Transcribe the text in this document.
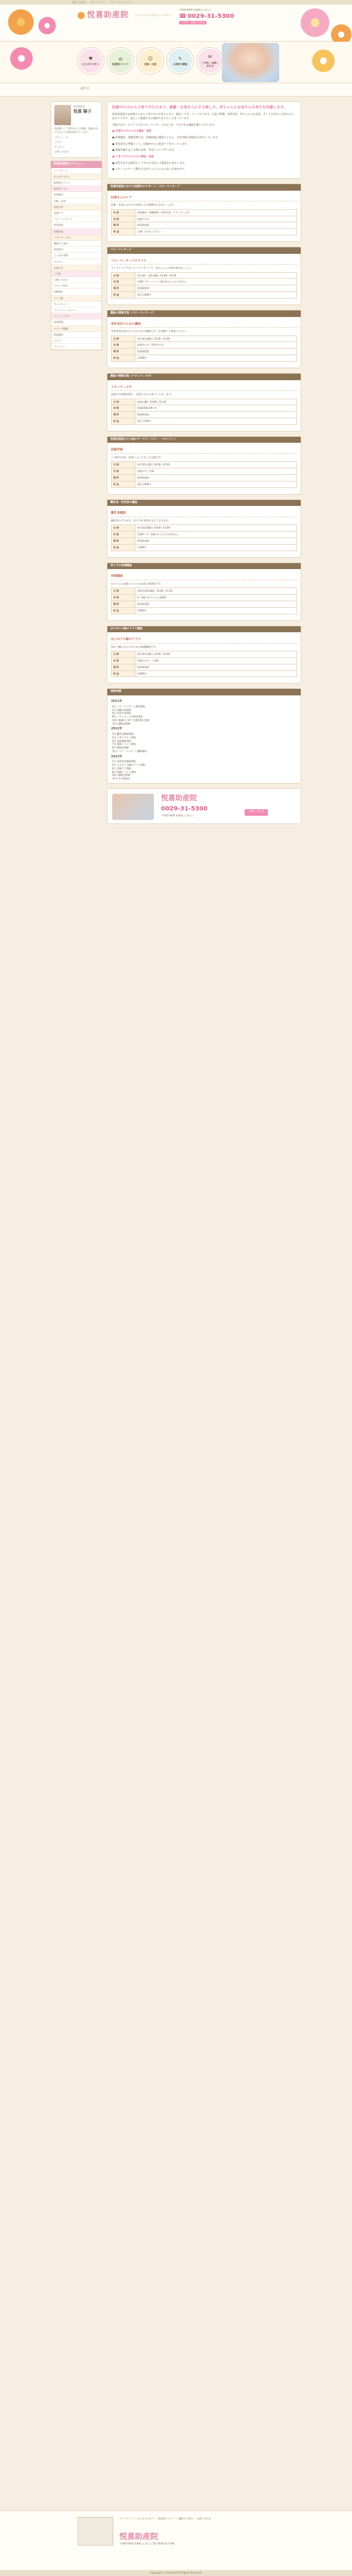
お問い合わせ サイトマップ プライバシーポリシー
悦喜助産院	オーストラリア式ベビーマッサージ
〒000-0000 茨城県○○市○○
☎ 0029-31-5300
ご予約・お問い合わせ
♥
はじめての方へ
⌂
助産院について
☺
妊娠・出産
✎
お産前の講座
✉
ご予約・お問い合わせ
誕生日
助産院院長
悦喜 陽子
助産師として30年以上の経験。地域の母子を支える活動を続けています。
プロフィール
ブログ
アクセス
お問い合わせ
悦喜助産院のメニュー
トップページ
はじめての方へ
助産院について
院長あいさつ
妊婦健診
分娩・出産
母乳外来
産後ケア
ベビーマッサージ
育児相談
両親学級
マタニティヨガ
講座のご案内
料金案内
よくある質問
アクセス
お知らせ
ご予約
お問い合わせ
スタッフ紹介
活動報告
リンク集
サイトマップ
プライバシーポリシー
スタッフブログ
採用情報
メディア掲載
関連施設
ブログ
エントリー
妊娠中の方から子育て中の方まで、素敵・お母さんにする楽しさ。赤ちゃんとお母さんの幸せを応援します。

悦喜助産院では妊婦さんから子育て中のお母さんまで、幅広くサポートしております。お産の準備、母乳育児、赤ちゃんのお世話、そしてお母さん自身の心と体のケアまで、安心して相談できる場所でありたいと思っています。

当院ではオーストラリア式ベビーマッサージをはじめ、さまざまな講座を開いております。

■ 妊娠中の方のための講座・相談

● 妊婦健診・保健指導では、妊娠経過の確認とともに、生活全般の相談をお受けしています。

● 母乳育児の準備として、妊娠中からの乳房ケアを行っています。

● 両親学級ではご夫婦で出産・育児について学べます。

■ 子育て中の方のための講座・相談

● 母乳外来では授乳のトラブルや卒乳のご相談をお受けします。

● ベビーマッサージ教室では赤ちゃんとのふれあいを深めます。

悦喜助産院における妊娠中のサポート・ベビーマッサージ
妊婦さんのケア
妊娠・出産にむけての身体と心の準備をお手伝いします。
内 容	妊婦健診／保健指導／母乳外来／マタニティヨガ
対 象	妊娠中の方
場 所	悦喜助産院
料 金	お問い合わせください
ベビーマッサージ
ベビーマッサージのクラス
オーストラリア式ベビーマッサージで、赤ちゃんとの絆を深めましょう。
日 時	毎月第2・第4水曜日 10:00〜12:00
対 象	生後2ヶ月〜ハイハイ前の赤ちゃんとお母さん
場 所	悦喜助産院
料 金	1回 2,000円
講座の開催日程（ベビーマッサージ）
母乳育児のための講座
母乳育児を続けたい方のための講座です。お気軽にご参加ください。
日 時	毎月第1金曜日 13:30〜15:00
対 象	妊娠中の方・授乳中の方
場 所	悦喜助産院
料 金	1,500円
講座の開催日程（マタニティヨガ）
マタニティヨガ
妊娠中の体調を整え、安産にむけた体づくりをします。
日 時	毎週火曜日 10:00〜11:30
対 象	妊娠16週以降の方
場 所	悦喜助産院
料 金	1回 1,500円
悦喜助産院のその他のサービス（ベビー・マタニティ）
両親学級
ご夫婦で出産・育児について学べる学級です。
日 時	毎月第3土曜日 10:00〜12:00
対 象	妊娠中のご夫婦
場 所	悦喜助産院
料 金	1組 3,000円
離乳食・幼児食の講座
離乳食講座
離乳食のすすめ方、作り方を実習を交えて学びます。
日 時	毎月第2金曜日 10:00〜12:00
対 象	生後4ヶ月〜1歳のお子さんのお母さん
場 所	悦喜助産院
料 金	1,500円
母と子の発達講座
発達講座
お子さんの発達についてのお話と相談会です。
日 時	奇数月第4木曜日 10:00〜11:30
対 象	0〜3歳のお子さんと保護者
場 所	悦喜助産院
料 金	1,000円
はじめての親のクラス講座
はじめての親のクラス
初めて親になる方のための基礎講座です。
日 時	毎月第1日曜日 13:00〜15:00
対 象	妊娠中の方・ご家族
場 所	悦喜助産院
料 金	2,000円
活動実績
2011年
4月 ベビーマッサージ教室開始
5月 両親学級開始
6月 母乳外来開始
8月 マタニティヨガ教室開始
10月 地域の子育て支援活動に参加
12月 講演会開催
2012年
1月 離乳食講座開始
3月 子育てサロン開設
5月 発達講座開始
7月 地域イベント参加
9月 講演会開催
11月 ベビーマッサージ講師養成
2013年
2月 母乳育児講座開始
4月 はじめての親のクラス開始
6月 産後ケア開始
8月 地域イベント参加
10月 講演会開催
12月 年末相談会
悦喜助産院
0029-31-5300
〒000-0000 茨城県○○市○○
お問い合わせ
トップページ ｜ はじめての方へ ｜ 助産院について ｜ 講座のご案内 ｜ お問い合わせ
悦喜助産院
〒000-0000 茨城県○○市○○ TEL 0029-31-5300
Copyright © 悦喜助産院 All Rights Reserved.
